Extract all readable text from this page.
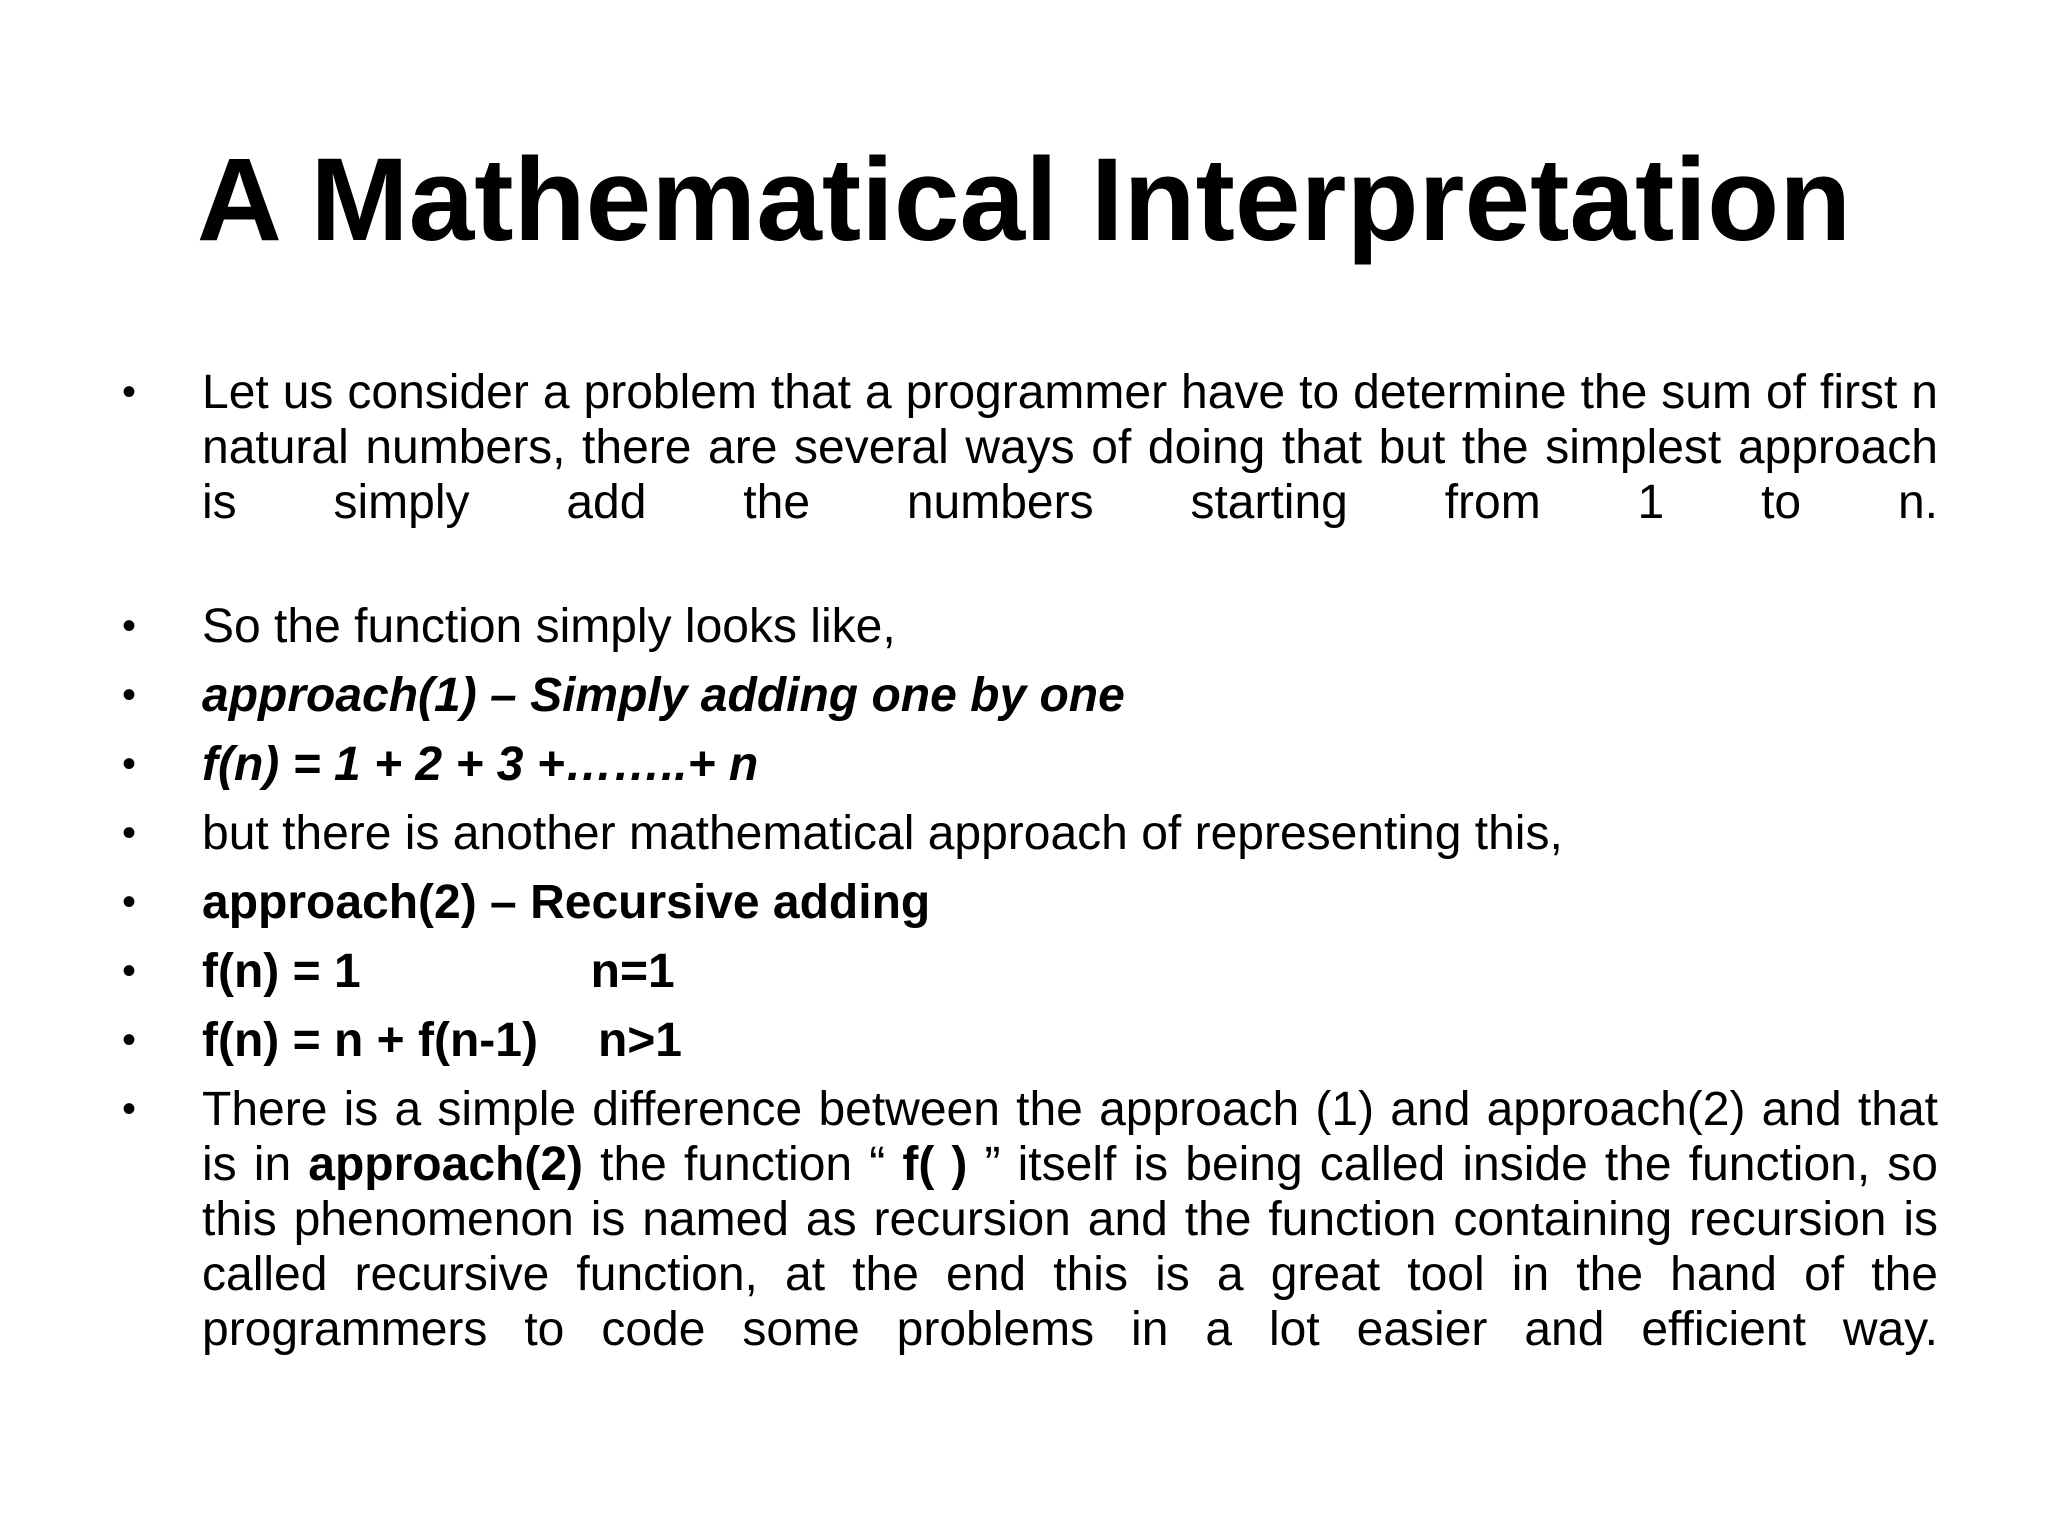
A Mathematical Interpretation
•	Let us consider a problem that a programmer have to determine the sum of first n natural numbers, there are several ways of doing that but the simplest approach is simply add the numbers starting from 1 to n.
•	So the function simply looks like,
•	approach(1) – Simply adding one by one
•	f(n) = 1 + 2 + 3 +……..+ n
•	but there is another mathematical approach of representing this,
•	approach(2) – Recursive adding
•	f(n) = 1	n=1
•	f(n) = n + f(n-1) n>1
•	There is a simple difference between the approach (1) and approach(2) and that is in approach(2) the function “ f( ) ” itself is being called inside the function, so this phenomenon is named as recursion and the function containing recursion is called recursive function, at the end this is a great tool in the hand of the programmers to code some problems in a lot easier and efficient way.
